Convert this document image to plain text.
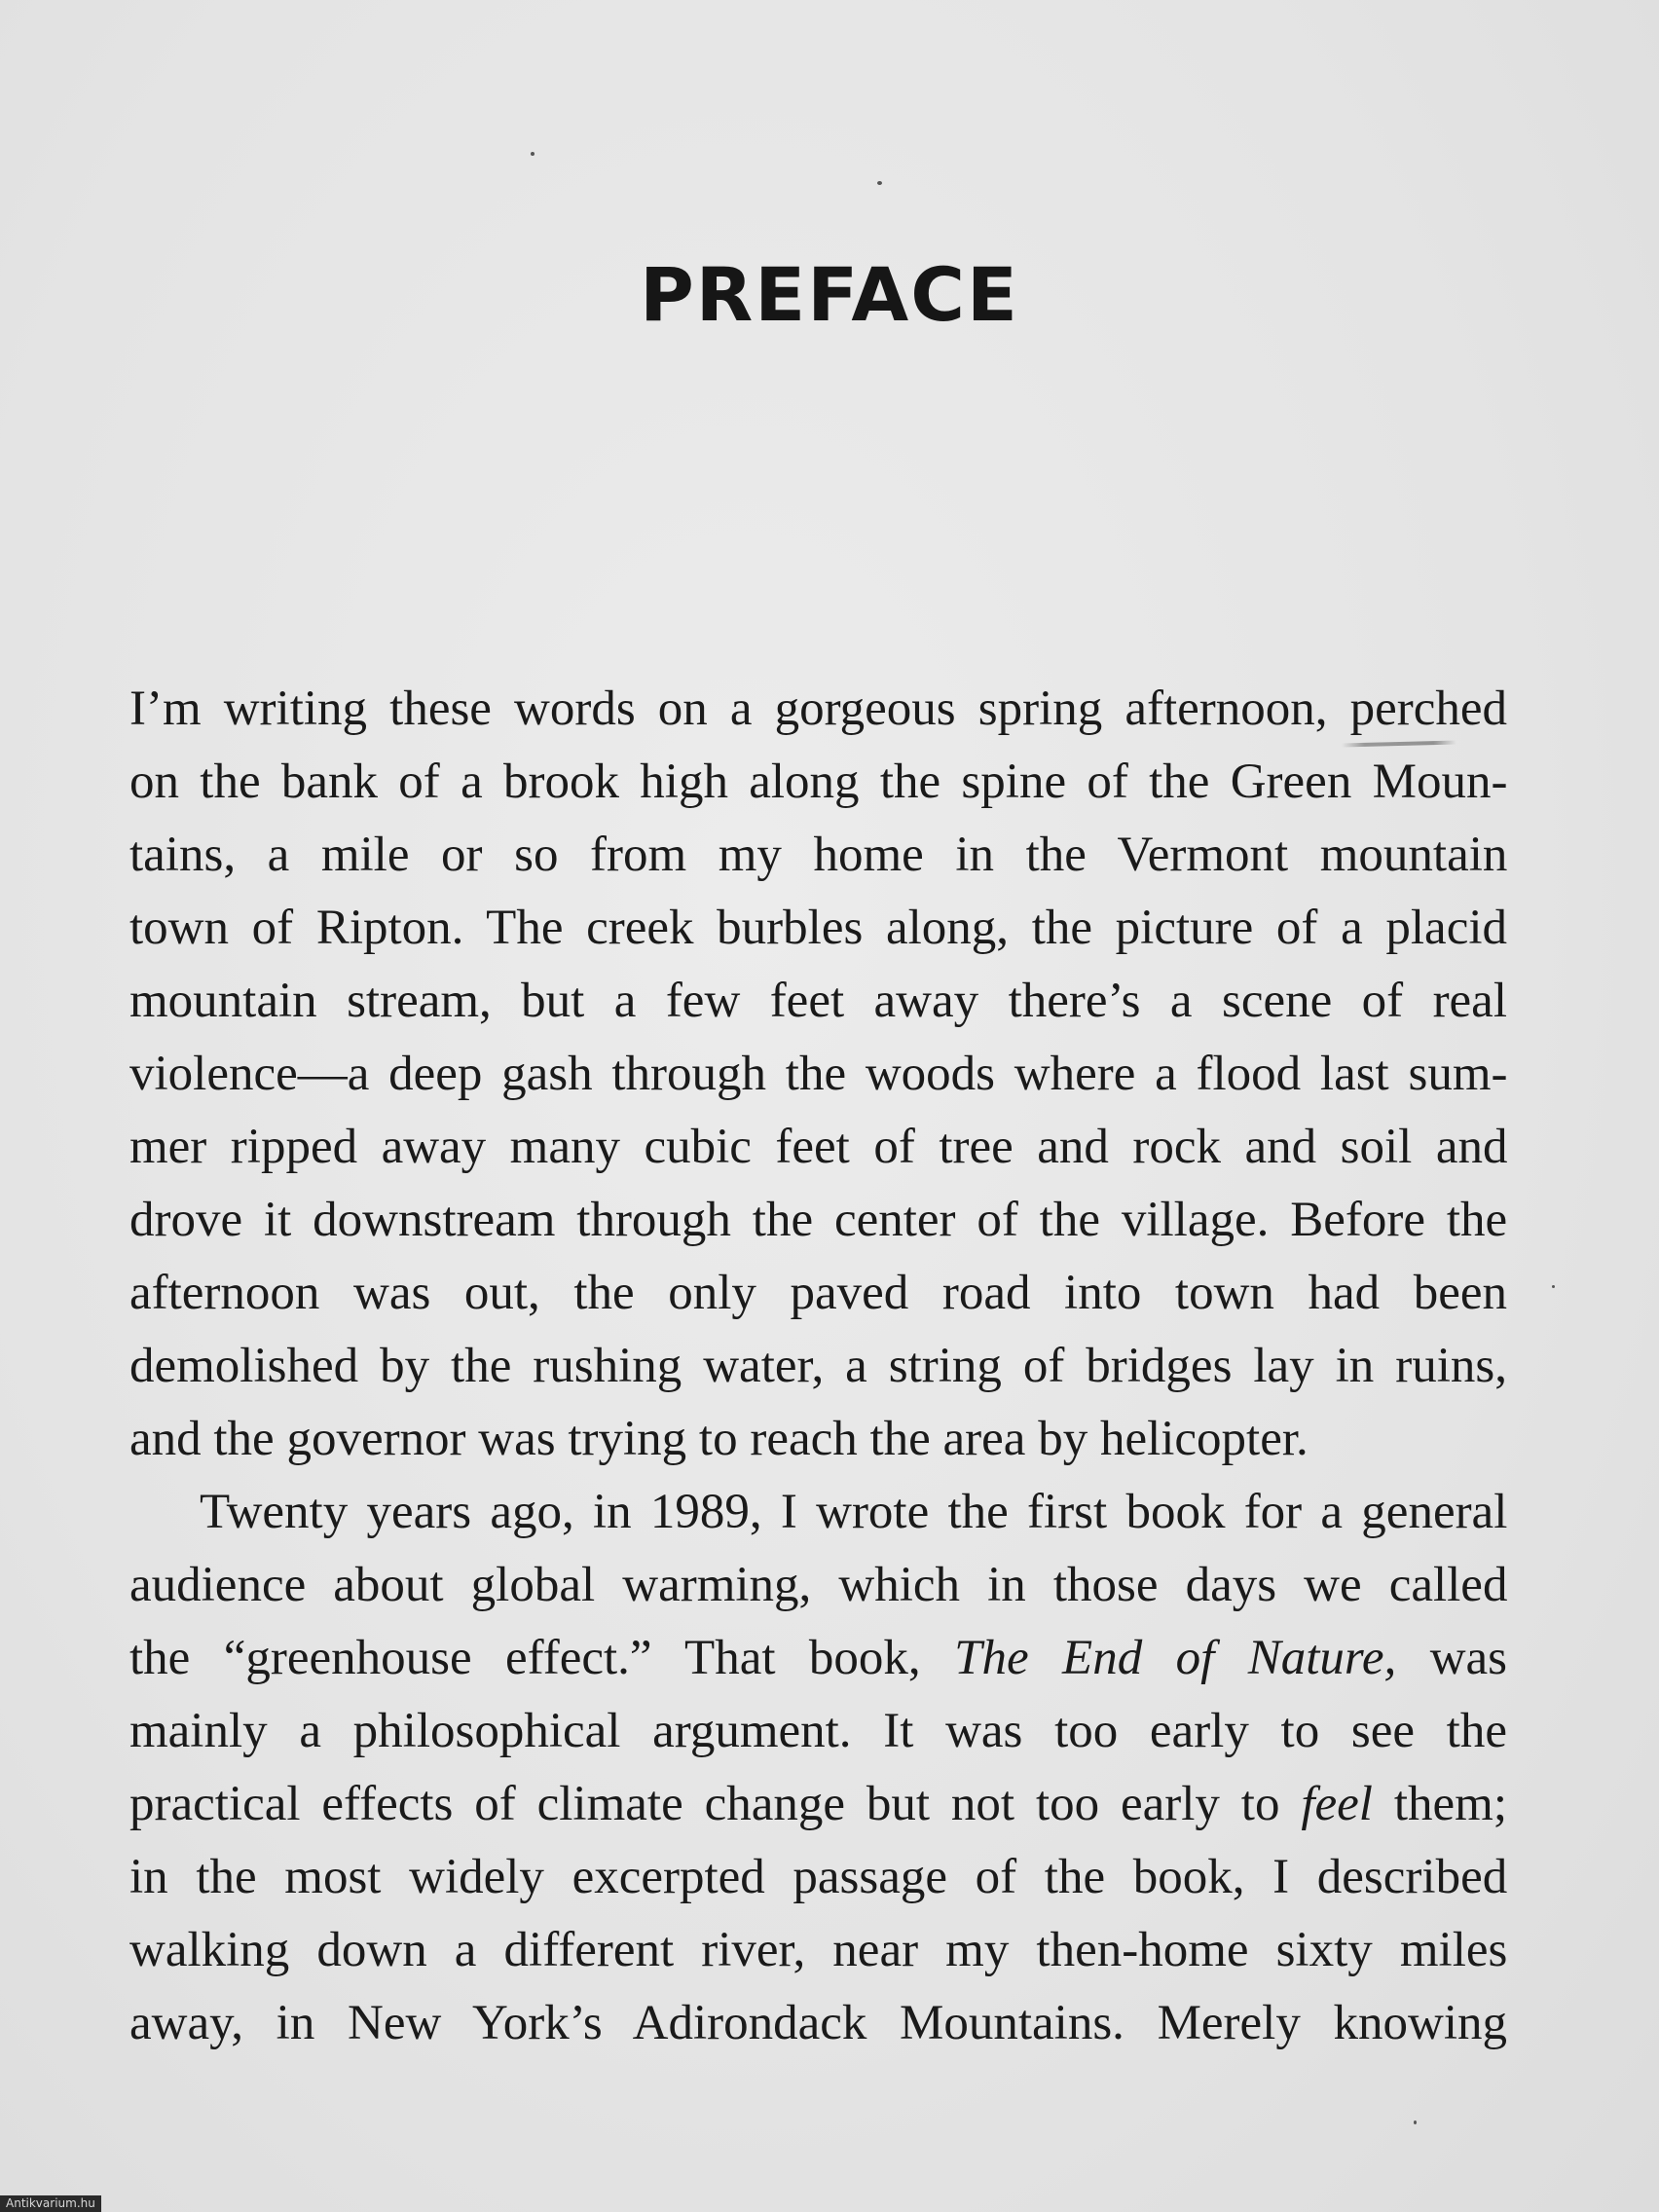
PREFACE
I’m writing these words on a gorgeous spring afternoon, perched
on the bank of a brook high along the spine of the Green Moun-
tains, a mile or so from my home in the Vermont mountain
town of Ripton. The creek burbles along, the picture of a placid
mountain stream, but a few feet away there’s a scene of real
violence—a deep gash through the woods where a flood last sum-
mer ripped away many cubic feet of tree and rock and soil and
drove it downstream through the center of the village. Before the
afternoon was out, the only paved road into town had been
demolished by the rushing water, a string of bridges lay in ruins,
and the governor was trying to reach the area by helicopter.
Twenty years ago, in 1989, I wrote the first book for a general
audience about global warming, which in those days we called
the “greenhouse effect.” That book, The End of Nature, was
mainly a philosophical argument. It was too early to see the
practical effects of climate change but not too early to feel them;
in the most widely excerpted passage of the book, I described
walking down a different river, near my then-home sixty miles
away, in New York’s Adirondack Mountains. Merely knowing
Antikvarium.hu
